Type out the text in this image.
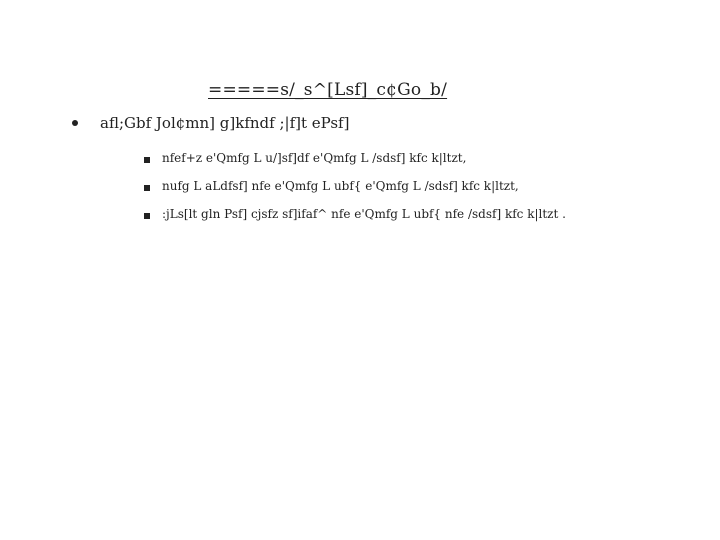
=====s/_s^[Lsf]_c¢Go_b/
afl;Gbf Jol¢mn] g]kfndf ;|f]t ePsf]
nfef+z e'Qmfg L u/]sf]df e'Qmfg L /sdsf] kfc k|ltzt,
nufg L aLdfsf] nfe e'Qmfg L ubf{ e'Qmfg L /sdsf] kfc k|ltzt,
:jLs[lt gln Psf] cjsfz sf]ifaf^ nfe e'Qmfg L ubf{ nfe /sdsf] kfc k|ltzt .
